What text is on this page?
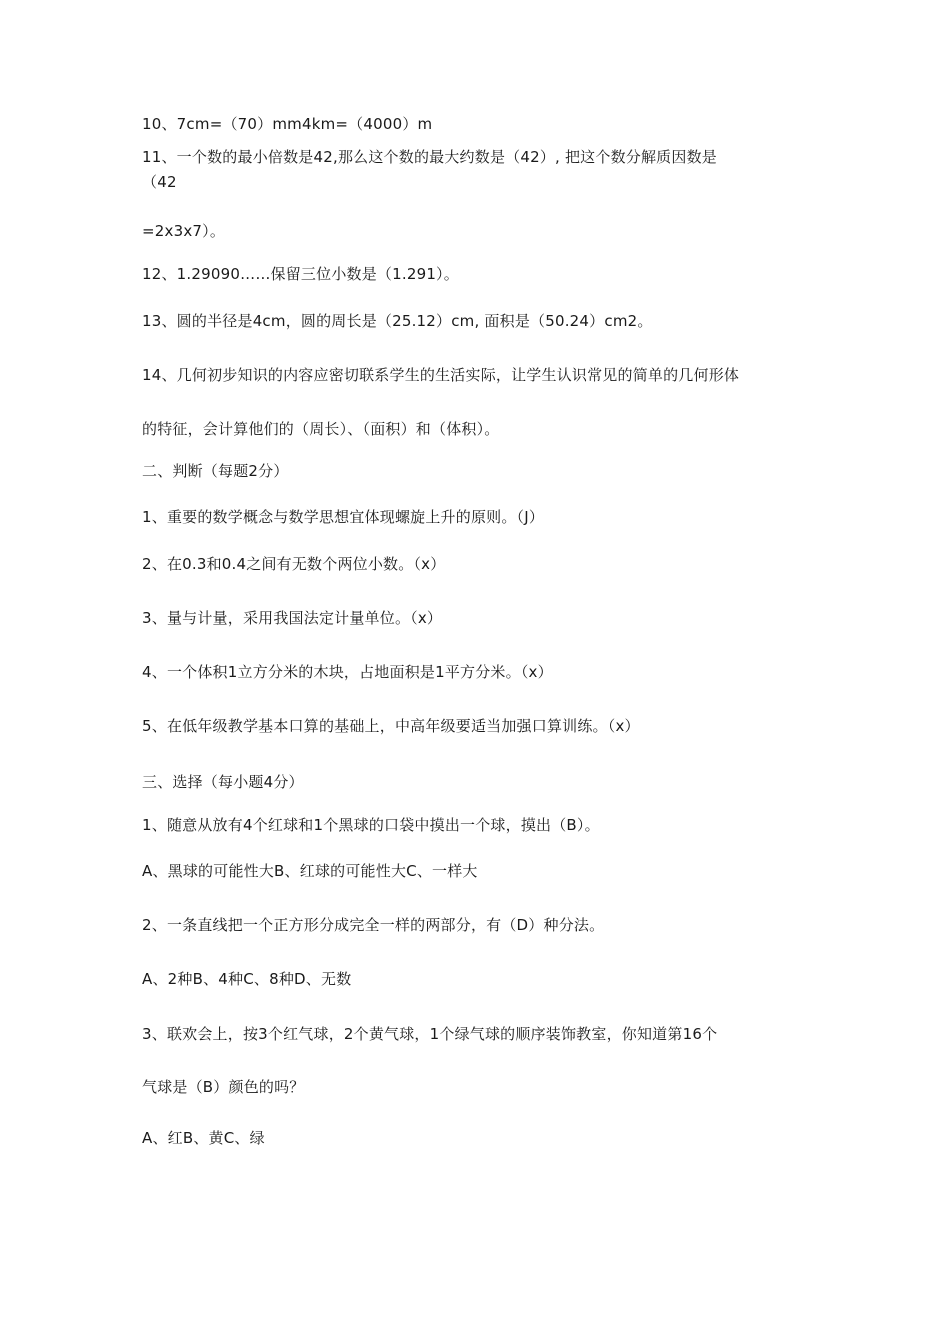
10、7cm=（70）mm4km=（4000）m
11、一个数的最小倍数是42,那么这个数的最大约数是（42）, 把这个数分解质因数是
（42
=2x3x7）。
12、1.29090……保留三位小数是（1.291）。
13、圆的半径是4cm，圆的周长是（25.12）cm, 面积是（50.24）cm2。
14、几何初步知识的内容应密切联系学生的生活实际，让学生认识常见的简单的几何形体
的特征，会计算他们的（周长）、（面积）和（体积）。
二、判断（每题2分）
1、重要的数学概念与数学思想宜体现螺旋上升的原则。（J）
2、在0.3和0.4之间有无数个两位小数。（x）
3、量与计量，采用我国法定计量单位。（x）
4、一个体积1立方分米的木块，占地面积是1平方分米。（x）
5、在低年级教学基本口算的基础上，中高年级要适当加强口算训练。（x）
三、选择（每小题4分）
1、随意从放有4个红球和1个黑球的口袋中摸出一个球，摸出（B）。
A、黑球的可能性大B、红球的可能性大C、一样大
2、一条直线把一个正方形分成完全一样的两部分，有（D）种分法。
A、2种B、4种C、8种D、无数
3、联欢会上，按3个红气球，2个黄气球，1个绿气球的顺序装饰教室，你知道第16个
气球是（B）颜色的吗？
A、红B、黄C、绿
